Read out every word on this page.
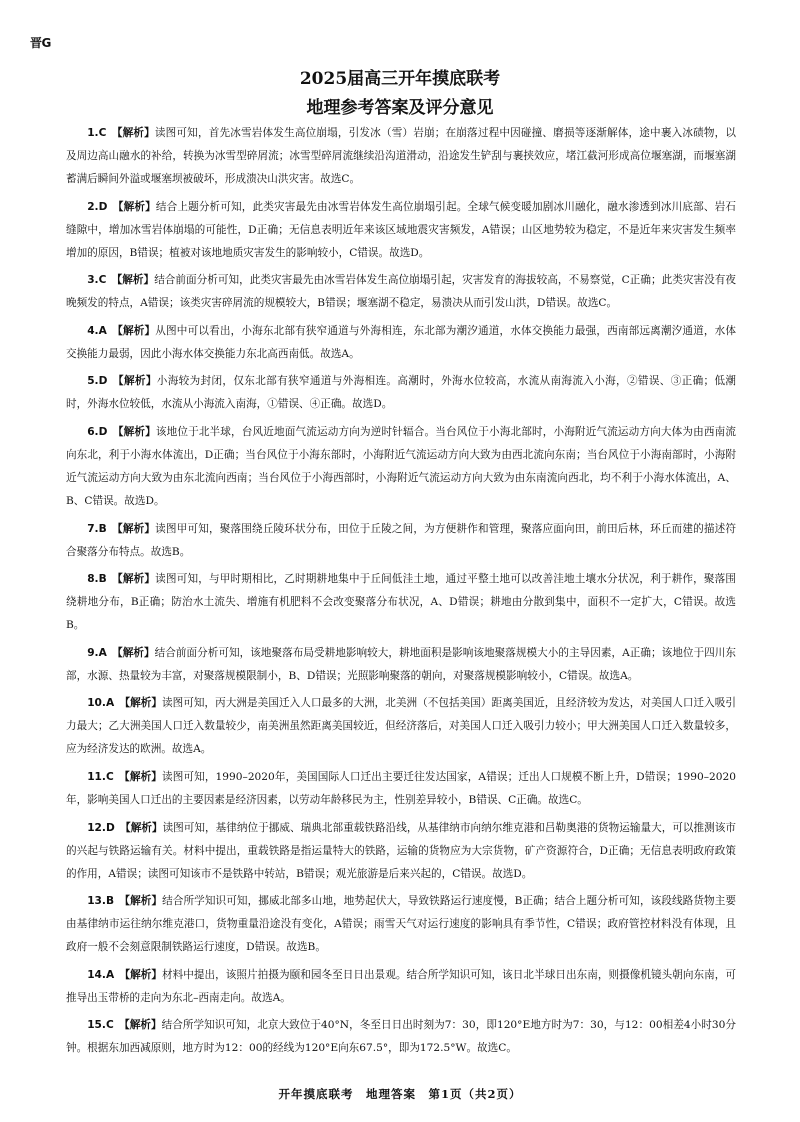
晋G
2025届高三开年摸底联考
地理参考答案及评分意见

1.C  【解析】读图可知，首先冰雪岩体发生高位崩塌，引发冰（雪）岩崩；在崩落过程中因碰撞、磨损等逐渐解体，途中裹入冰碛物，以及周边高山融水的补给，转换为冰雪型碎屑流；冰雪型碎屑流继续沿沟道滑动，沿途发生铲刮与裹挟效应，堵江截河形成高位堰塞湖，而堰塞湖蓄满后瞬间外溢或堰塞坝被破坏，形成溃决山洪灾害。故选C。

2.D  【解析】结合上题分析可知，此类灾害最先由冰雪岩体发生高位崩塌引起。全球气候变暖加剧冰川融化，融水渗透到冰川底部、岩石缝隙中，增加冰雪岩体崩塌的可能性，D正确；无信息表明近年来该区域地震灾害频发，A错误；山区地势较为稳定，不是近年来灾害发生频率增加的原因，B错误；植被对该地地质灾害发生的影响较小，C错误。故选D。

3.C  【解析】结合前面分析可知，此类灾害最先由冰雪岩体发生高位崩塌引起，灾害发育的海拔较高，不易察觉，C正确；此类灾害没有夜晚频发的特点，A错误；该类灾害碎屑流的规模较大，B错误；堰塞湖不稳定，易溃决从而引发山洪，D错误。故选C。

4.A  【解析】从图中可以看出，小海东北部有狭窄通道与外海相连，东北部为潮汐通道，水体交换能力最强，西南部远离潮汐通道，水体交换能力最弱，因此小海水体交换能力东北高西南低。故选A。

5.D  【解析】小海较为封闭，仅东北部有狭窄通道与外海相连。高潮时，外海水位较高，水流从南海流入小海，②错误、③正确；低潮时，外海水位较低，水流从小海流入南海，①错误、④正确。故选D。

6.D  【解析】该地位于北半球，台风近地面气流运动方向为逆时针辐合。当台风位于小海北部时，小海附近气流运动方向大体为由西南流向东北，利于小海水体流出，D正确；当台风位于小海东部时，小海附近气流运动方向大致为由西北流向东南；当台风位于小海南部时，小海附近气流运动方向大致为由东北流向西南；当台风位于小海西部时，小海附近气流运动方向大致为由东南流向西北，均不利于小海水体流出，A、B、C错误。故选D。

7.B  【解析】读图甲可知，聚落围绕丘陵环状分布，田位于丘陵之间，为方便耕作和管理，聚落应面向田，前田后林，环丘而建的描述符合聚落分布特点。故选B。

8.B  【解析】读图可知，与甲时期相比，乙时期耕地集中于丘间低洼土地，通过平整土地可以改善洼地土壤水分状况，利于耕作，聚落围绕耕地分布，B正确；防治水土流失、增施有机肥料不会改变聚落分布状况，A、D错误；耕地由分散到集中，面积不一定扩大，C错误。故选B。

9.A  【解析】结合前面分析可知，该地聚落布局受耕地影响较大，耕地面积是影响该地聚落规模大小的主导因素，A正确；该地位于四川东部，水源、热量较为丰富，对聚落规模限制小，B、D错误；光照影响聚落的朝向，对聚落规模影响较小，C错误。故选A。

10.A  【解析】读图可知，丙大洲是美国迁入人口最多的大洲，北美洲（不包括美国）距离美国近，且经济较为发达，对美国人口迁入吸引力最大；乙大洲美国人口迁入数量较少，南美洲虽然距离美国较近，但经济落后，对美国人口迁入吸引力较小；甲大洲美国人口迁入数量较多，应为经济发达的欧洲。故选A。

11.C  【解析】读图可知，1990–2020年，美国国际人口迁出主要迁往发达国家，A错误；迁出人口规模不断上升，D错误；1990–2020年，影响美国人口迁出的主要因素是经济因素，以劳动年龄移民为主，性别差异较小，B错误、C正确。故选C。

12.D  【解析】读图可知，基律纳位于挪威、瑞典北部重载铁路沿线，从基律纳市向纳尔维克港和吕勒奥港的货物运输量大，可以推测该市的兴起与铁路运输有关。材料中提出，重载铁路是指运量特大的铁路，运输的货物应为大宗货物，矿产资源符合，D正确；无信息表明政府政策的作用，A错误；读图可知该市不是铁路中转站，B错误；观光旅游是后来兴起的，C错误。故选D。

13.B  【解析】结合所学知识可知，挪威北部多山地，地势起伏大，导致铁路运行速度慢，B正确；结合上题分析可知，该段线路货物主要由基律纳市运往纳尔维克港口，货物重量沿途没有变化，A错误；雨雪天气对运行速度的影响具有季节性，C错误；政府管控材料没有体现，且政府一般不会刻意限制铁路运行速度，D错误。故选B。

14.A  【解析】材料中提出，该照片拍摄为颐和园冬至日日出景观。结合所学知识可知，该日北半球日出东南，则摄像机镜头朝向东南，可推导出玉带桥的走向为东北–西南走向。故选A。

15.C  【解析】结合所学知识可知，北京大致位于40°N，冬至日日出时刻为7：30，即120°E地方时为7：30，与12：00相差4小时30分钟。根据东加西减原则，地方时为12：00的经线为120°E向东67.5°，即为172.5°W。故选C。

开年摸底联考　地理答案　第1页（共2页）
